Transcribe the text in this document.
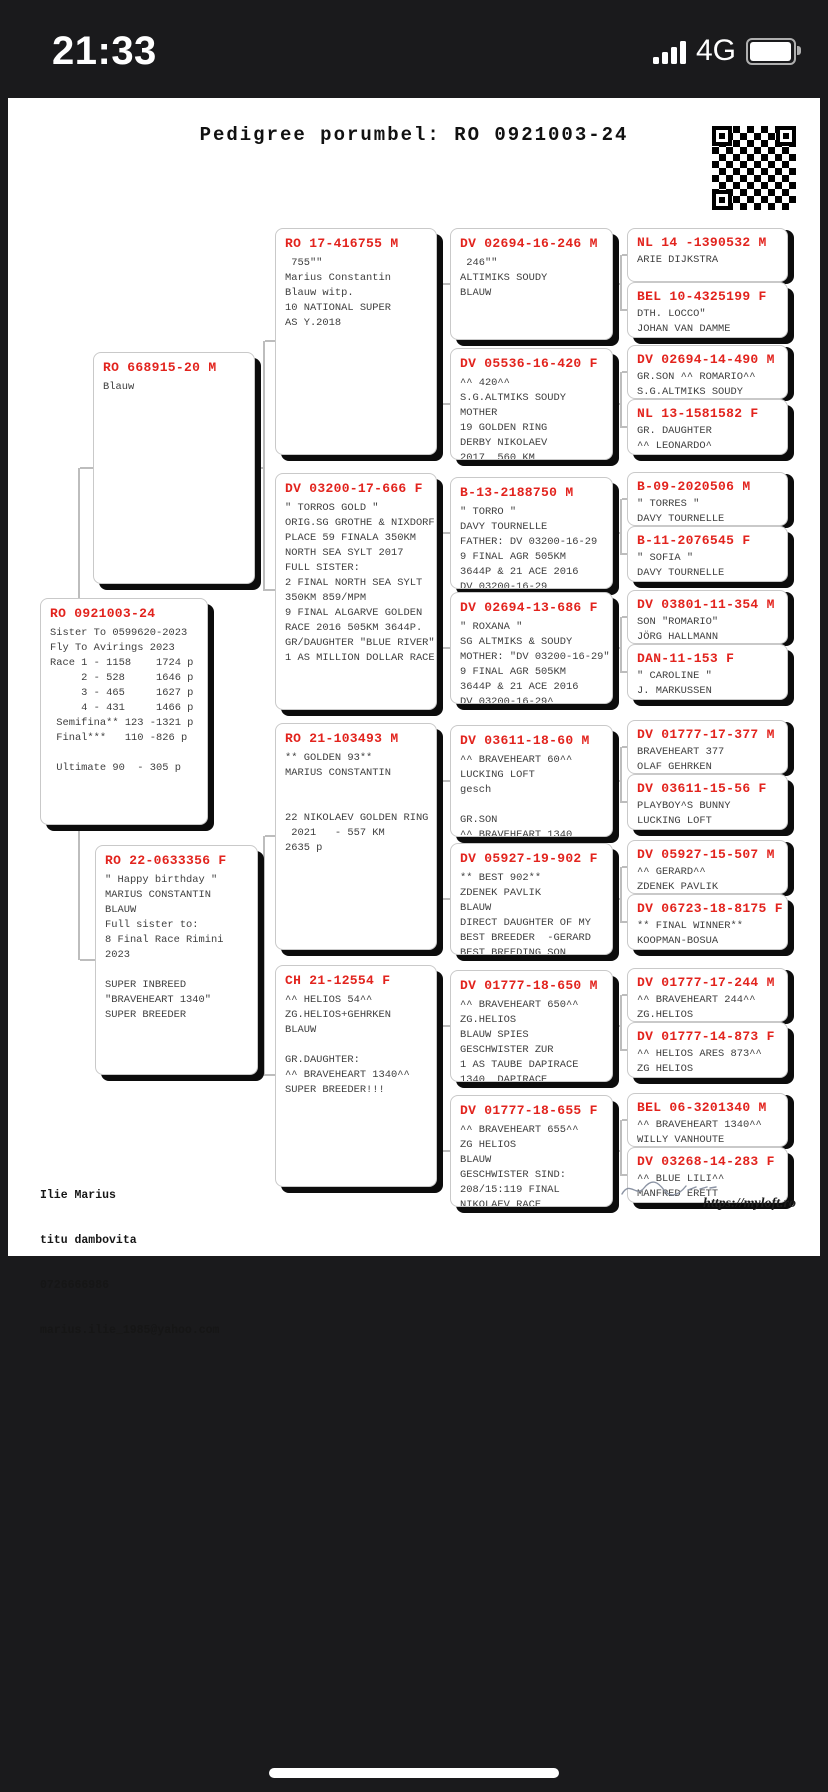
21:33	4G
Pedigree porumbel: RO 0921003-24
RO 0921003-24
Sister To 0599620-2023
Fly To Avirings 2023
Race 1 - 1158    1724 p
2 - 528     1646 p
3 - 465     1627 p
4 - 431     1466 p
Semifina** 123 -1321 p
Final***   110 -826 p

Ultimate 90  - 305 p
RO 668915-20 M
Blauw
RO 22-0633356 F
" Happy birthday "
MARIUS CONSTANTIN
BLAUW
Full sister to:
8 Final Race Rimini
2023

SUPER INBREED
"BRAVEHEART 1340"
SUPER BREEDER
RO 17-416755 M
755""
Marius Constantin
Blauw witp.
10 NATIONAL SUPER
AS Y.2018
DV 03200-17-666 F
" TORROS GOLD "
ORIG.SG GROTHE & NIXDORF
PLACE 59 FINALA 350KM
NORTH SEA SYLT 2017
FULL SISTER:
2 FINAL NORTH SEA SYLT
350KM 859/MPM
9 FINAL ALGARVE GOLDEN
RACE 2016 505KM 3644P.
GR/DAUGHTER "BLUE RIVER"
1 AS MILLION DOLLAR RACE
RO 21-103493 M
** GOLDEN 93**
MARIUS CONSTANTIN

22 NIKOLAEV GOLDEN RING
2021   - 557 KM
2635 p
CH 21-12554 F
^^ HELIOS 54^^
ZG.HELIOS+GEHRKEN
BLAUW

GR.DAUGHTER:
^^ BRAVEHEART 1340^^
SUPER BREEDER!!!
DV 02694-16-246 M
246""
ALTIMIKS SOUDY
BLAUW
DV 05536-16-420 F
^^ 420^^
S.G.ALTMIKS SOUDY
MOTHER
19 GOLDEN RING
DERBY NIKOLAEV
2017  560 KM
B-13-2188750 M
" TORRO "
DAVY TOURNELLE
FATHER: DV 03200-16-29
9 FINAL AGR 505KM
3644P & 21 ACE 2016
DV 03200-16-29
DV 02694-13-686 F
" ROXANA "
SG ALTMIKS & SOUDY
MOTHER: "DV 03200-16-29"
9 FINAL AGR 505KM
3644P & 21 ACE 2016
DV 03200-16-29^
DV 03611-18-60 M
^^ BRAVEHEART 60^^
LUCKING LOFT
gesch

GR.SON
^^ BRAVEHEART 1340
DV 05927-19-902 F
** BEST 902**
ZDENEK PAVLIK
BLAUW
DIRECT DAUGHTER OF MY
BEST BREEDER  -GERARD
BEST BREEDING SON
DV 01777-18-650 M
^^ BRAVEHEART 650^^
ZG.HELIOS
BLAUW SPIES
GESCHWISTER ZUR
1 AS TAUBE DAPIRACE
1340  DAPIRACE
DV 01777-18-655 F
^^ BRAVEHEART 655^^
ZG HELIOS
BLAUW
GESCHWISTER SIND:
208/15:119 FINAL
NIKOLAEV RACE
NL 14 -1390532 M
ARIE DIJKSTRA
BEL 10-4325199 F
DTH. LOCCO"
JOHAN VAN DAMME
DV 02694-14-490 M
GR.SON ^^ ROMARIO^^
S.G.ALTMIKS SOUDY
NL 13-1581582 F
GR. DAUGHTER
^^ LEONARDO^
B-09-2020506 M
" TORRES "
DAVY TOURNELLE
B-11-2076545 F
" SOFIA "
DAVY TOURNELLE
DV 03801-11-354 M
SON "ROMARIO"
JÖRG HALLMANN
DAN-11-153 F
" CAROLINE "
J. MARKUSSEN
DV 01777-17-377 M
BRAVEHEART 377
OLAF GEHRKEN
DV 03611-15-56 F
PLAYBOY^S BUNNY
LUCKING LOFT
DV 05927-15-507 M
^^ GERARD^^
ZDENEK PAVLIK
DV 06723-18-8175 F
** FINAL WINNER**
KOOPMAN-BOSUA
DV 01777-17-244 M
^^ BRAVEHEART 244^^
ZG.HELIOS
DV 01777-14-873 F
^^ HELIOS ARES 873^^
ZG HELIOS
BEL 06-3201340 M
^^ BRAVEHEART 1340^^
WILLY VANHOUTE
DV 03268-14-283 F
^^ BLUE LILI^^
MANFRED ERETT

Ilie Marius

titu dambovita

0726666986

marius.ilie_1985@yahoo.com

https://myloft.ro
